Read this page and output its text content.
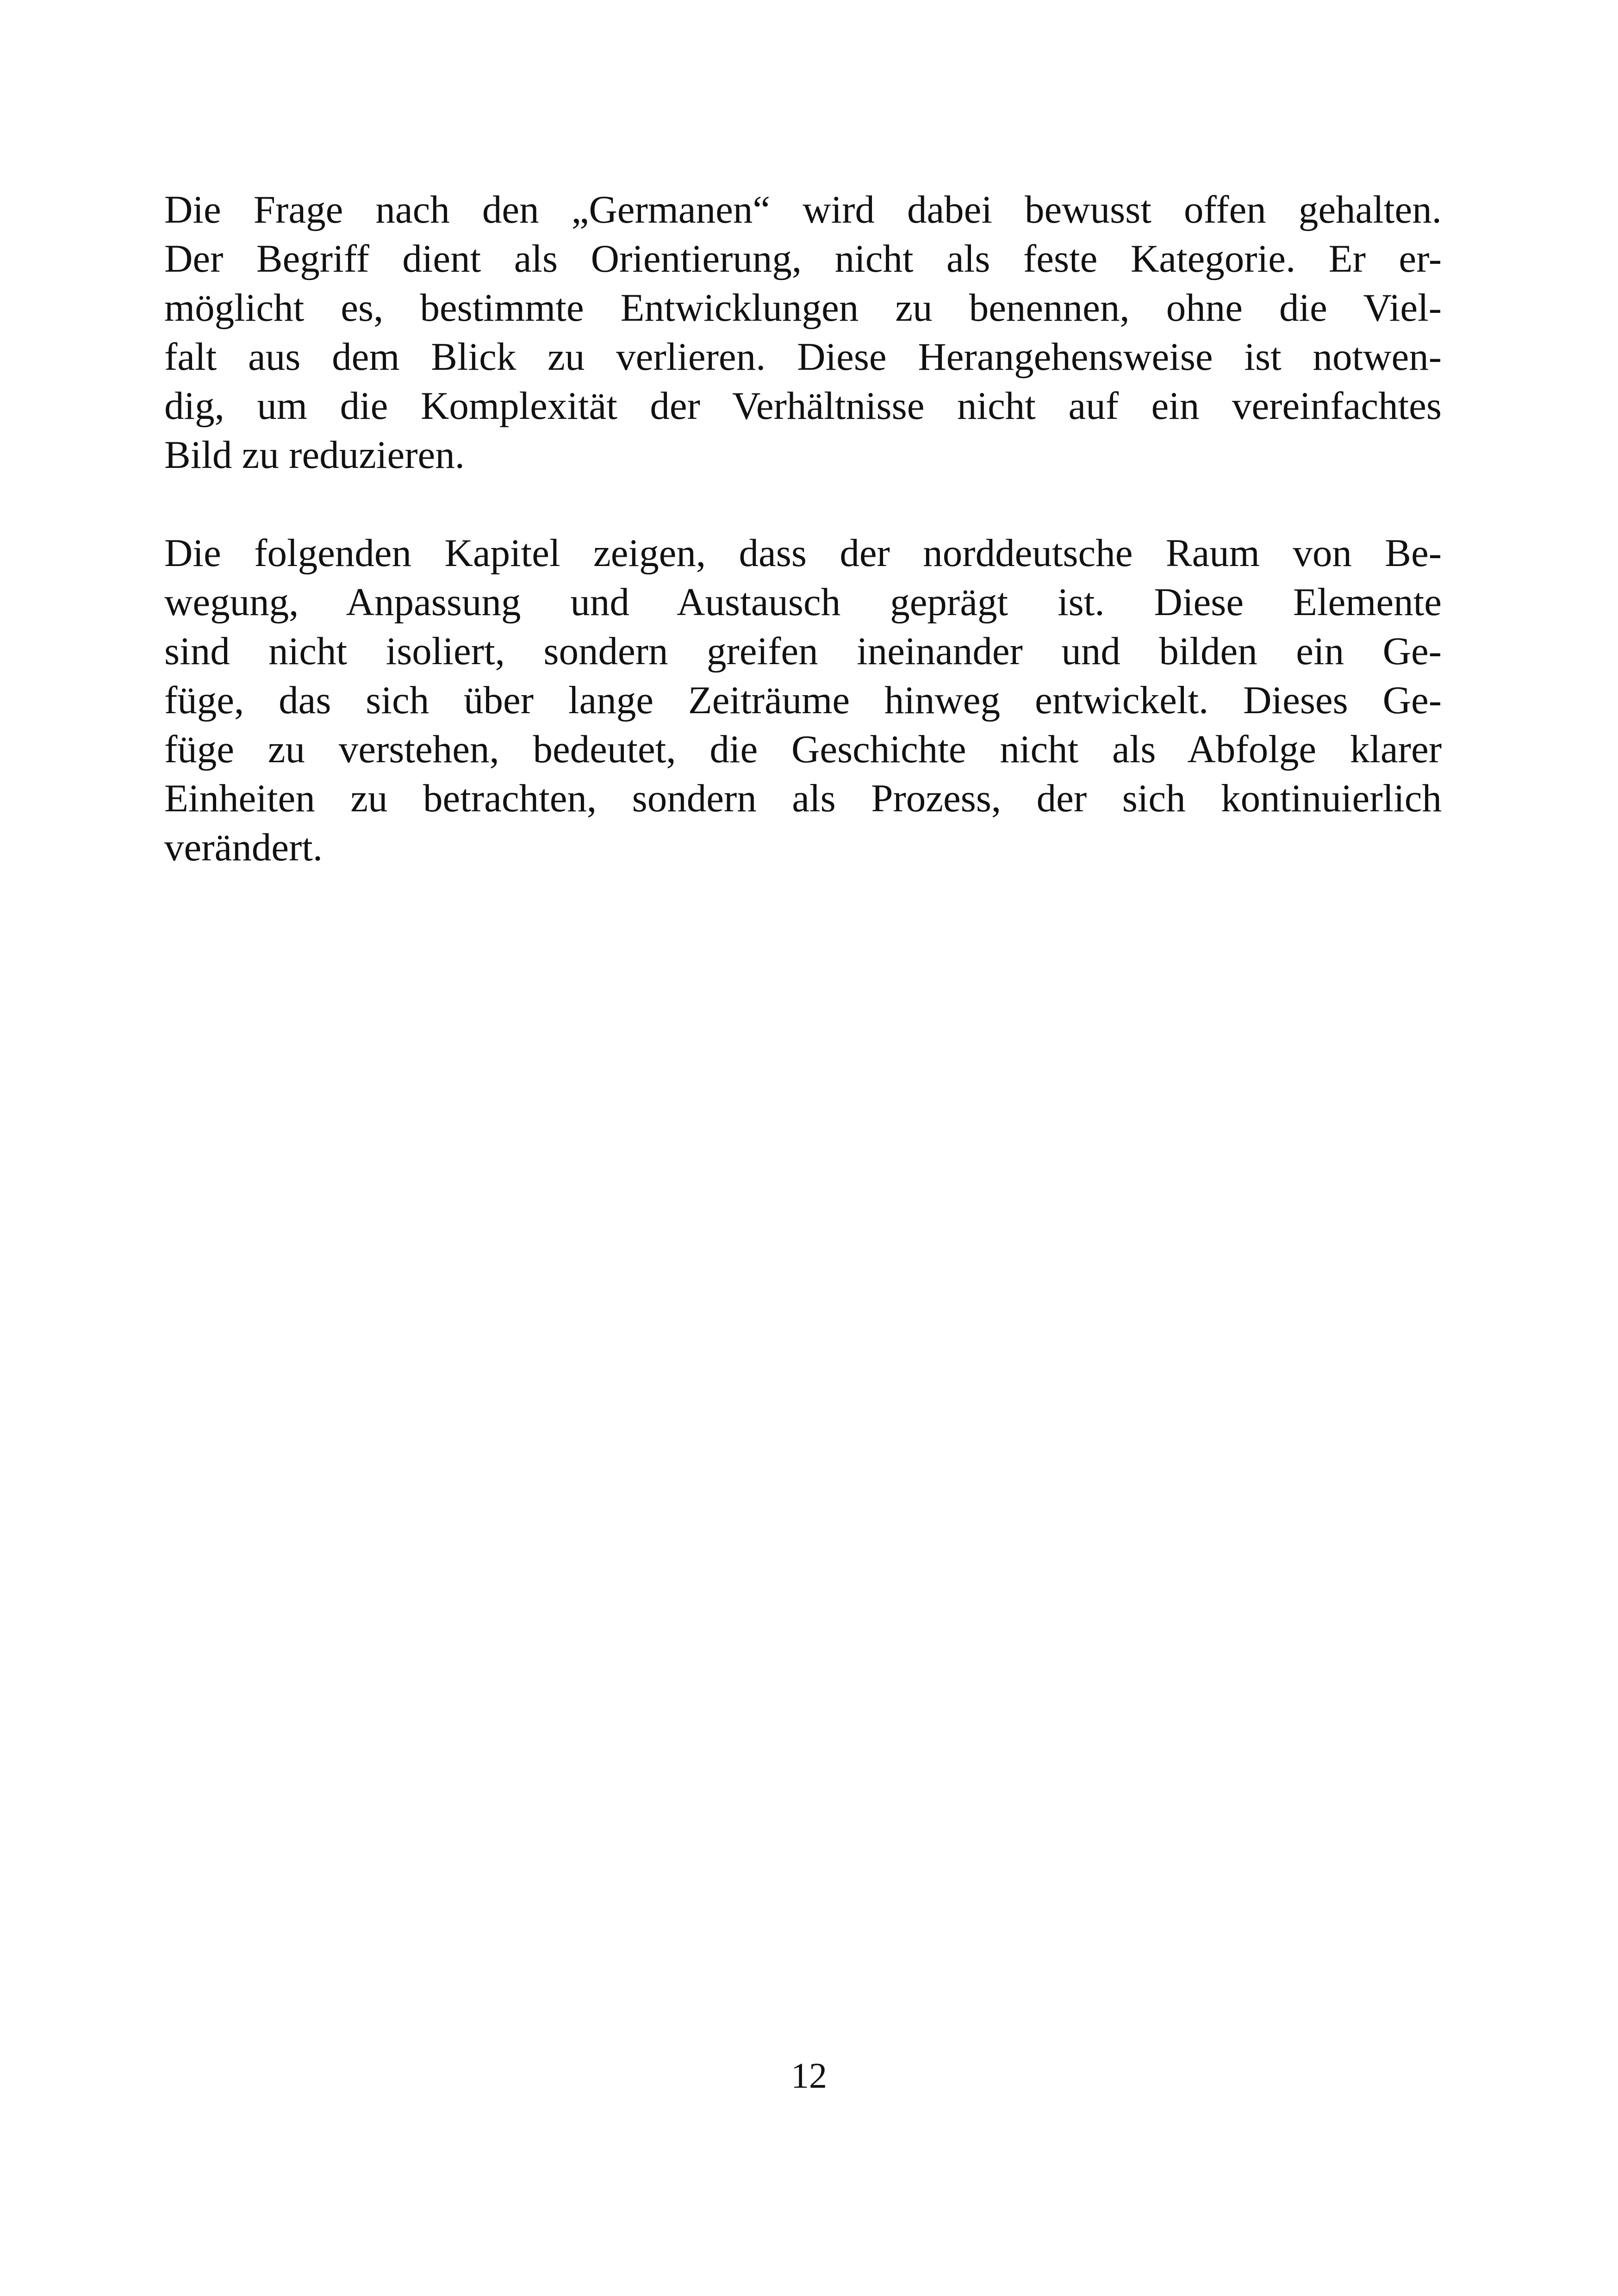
Die Frage nach den „Germanen“ wird dabei bewusst offen gehalten.
Der Begriff dient als Orientierung, nicht als feste Kategorie. Er er-
möglicht es, bestimmte Entwicklungen zu benennen, ohne die Viel-
falt aus dem Blick zu verlieren. Diese Herangehensweise ist notwen-
dig, um die Komplexität der Verhältnisse nicht auf ein vereinfachtes
Bild zu reduzieren.

Die folgenden Kapitel zeigen, dass der norddeutsche Raum von Be-
wegung, Anpassung und Austausch geprägt ist. Diese Elemente
sind nicht isoliert, sondern greifen ineinander und bilden ein Ge-
füge, das sich über lange Zeiträume hinweg entwickelt. Dieses Ge-
füge zu verstehen, bedeutet, die Geschichte nicht als Abfolge klarer
Einheiten zu betrachten, sondern als Prozess, der sich kontinuierlich
verändert.

12
